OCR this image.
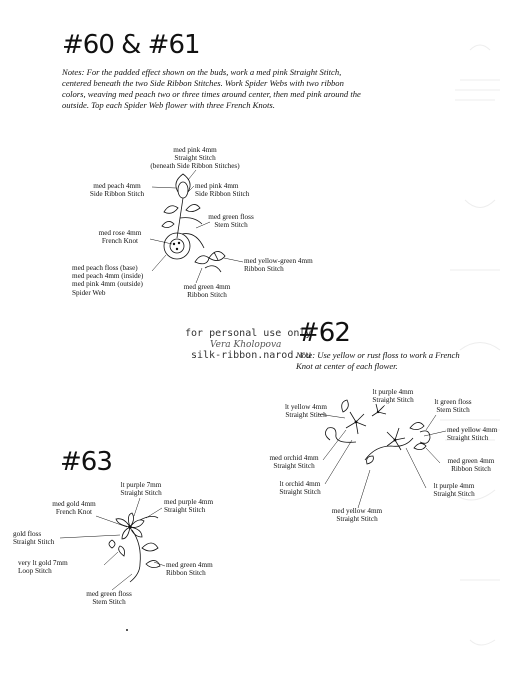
#60 & #61
Notes: For the padded effect shown on the buds, work a med pink Straight Stitch, centered beneath the two Side Ribbon Stitches. Work Spider Webs with two ribbon colors, weaving med peach two or three times around center, then med pink around the outside. Top each Spider Web flower with three French Knots.
med pink 4mm
Straight Stitch
(beneath Side Ribbon Stitches)
med peach 4mm
Side Ribbon Stitch
med pink 4mm
Side Ribbon Stitch
med green floss
Stem Stitch
med rose 4mm
French Knot
med yellow-green 4mm
Ribbon Stitch
med peach floss (base)
med peach 4mm (inside)
med pink 4mm (outside)
Spider Web
med green 4mm
Ribbon Stitch
for personal use only
Vera Kholopova
silk-ribbon.narod.ru
#62
Note: Use yellow or rust floss to work a French Knot at center of each flower.
lt purple 4mm
Straight Stitch	lt green floss
Stem Stitch
lt yellow 4mm
Straight Stitch
med yellow 4mm
Straight Stitch
med orchid 4mm
Straight Stitch
med green 4mm
Ribbon Stitch
lt orchid 4mm
Straight Stitch
lt purple 4mm
Straight Stitch
med yellow 4mm
Straight Stitch
#63
lt purple 7mm
Straight Stitch
med gold 4mm
French Knot
med purple 4mm
Straight Stitch
gold floss
Straight Stitch
very lt gold 7mm
Loop Stitch
med green 4mm
Ribbon Stitch
med green floss
Stem Stitch
